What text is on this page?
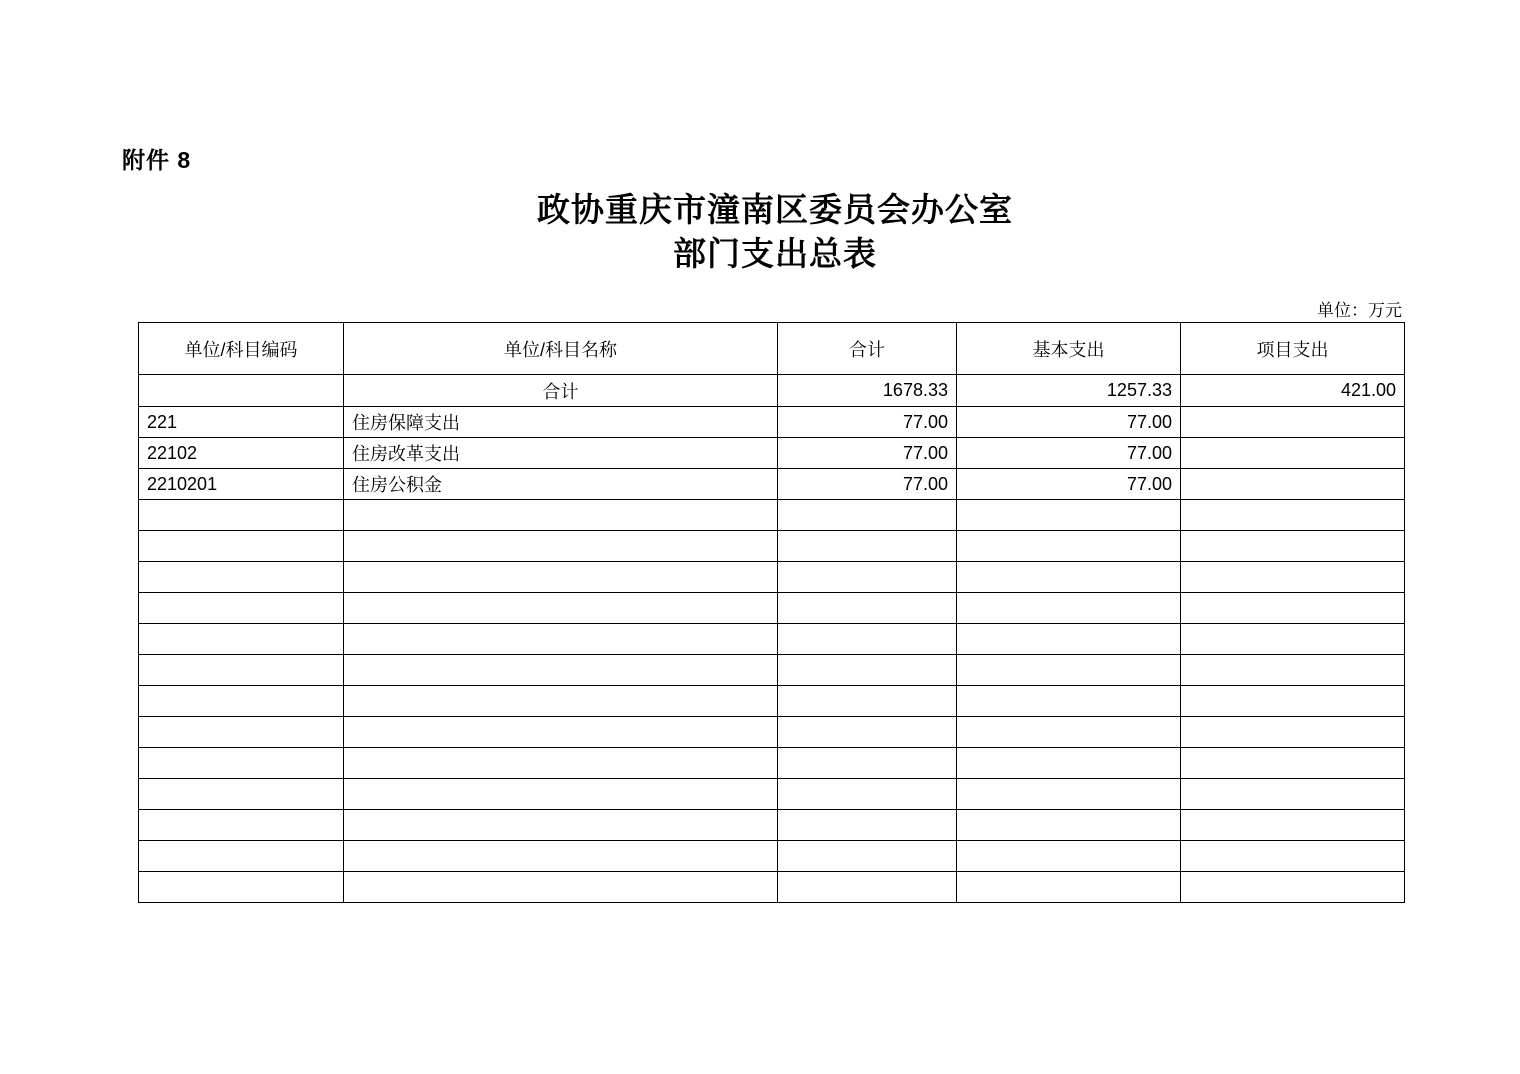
附件 8
政协重庆市潼南区委员会办公室
部门支出总表
单位：万元
单位/科目编码	单位/科目名称	合计	基本支出	项目支出
	合计	1678.33	1257.33	421.00
221	住房保障支出	77.00	77.00	
22102	住房改革支出	77.00	77.00	
2210201	住房公积金	77.00	77.00	
